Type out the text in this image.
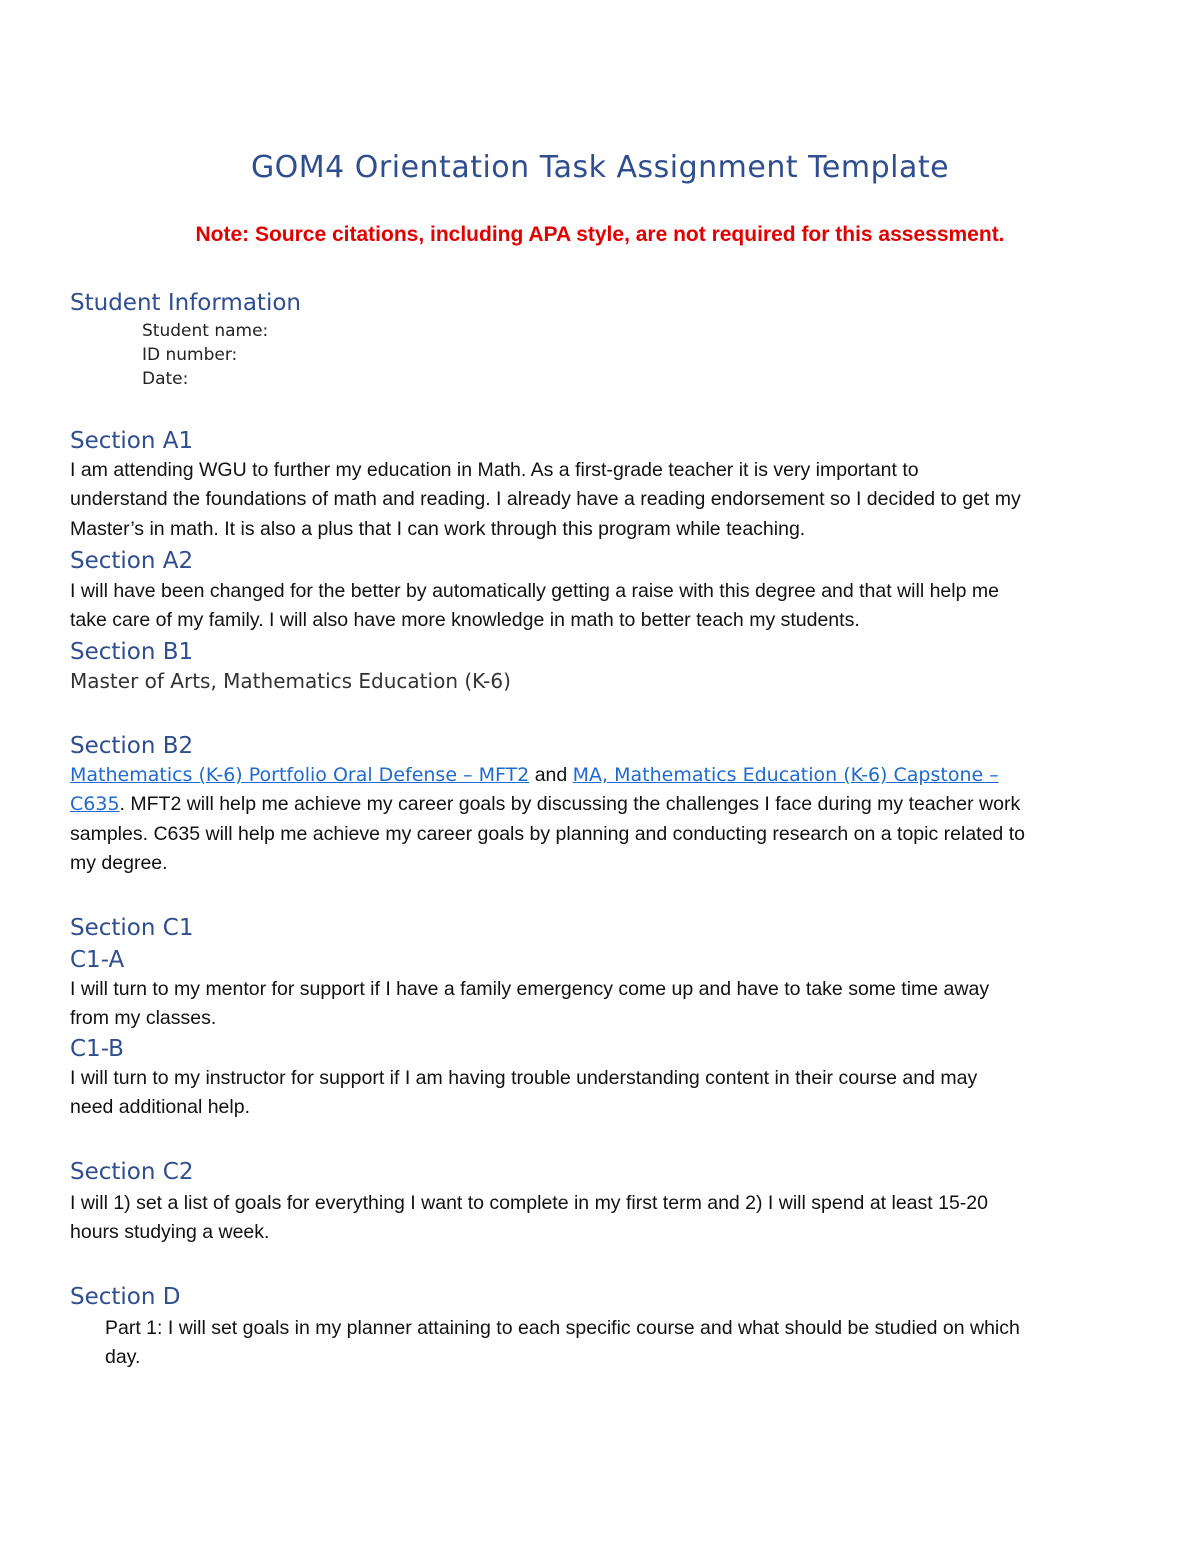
GOM4 Orientation Task Assignment Template
Note: Source citations, including APA style, are not required for this assessment.
Student Information
Student name:
ID number:
Date:
Section A1
I am attending WGU to further my education in Math. As a first-grade teacher it is very important to
understand the foundations of math and reading. I already have a reading endorsement so I decided to get my
Master’s in math. It is also a plus that I can work through this program while teaching.
Section A2
I will have been changed for the better by automatically getting a raise with this degree and that will help me
take care of my family. I will also have more knowledge in math to better teach my students.
Section B1
Master of Arts, Mathematics Education (K-6)
Section B2
Mathematics (K-6) Portfolio Oral Defense – MFT2 and MA, Mathematics Education (K-6) Capstone –
C635. MFT2 will help me achieve my career goals by discussing the challenges I face during my teacher work
samples. C635 will help me achieve my career goals by planning and conducting research on a topic related to
my degree.
Section C1
C1-A
I will turn to my mentor for support if I have a family emergency come up and have to take some time away
from my classes.
C1-B
I will turn to my instructor for support if I am having trouble understanding content in their course and may
need additional help.
Section C2
I will 1) set a list of goals for everything I want to complete in my first term and 2) I will spend at least 15-20
hours studying a week.
Section D
Part 1: I will set goals in my planner attaining to each specific course and what should be studied on which
day.
